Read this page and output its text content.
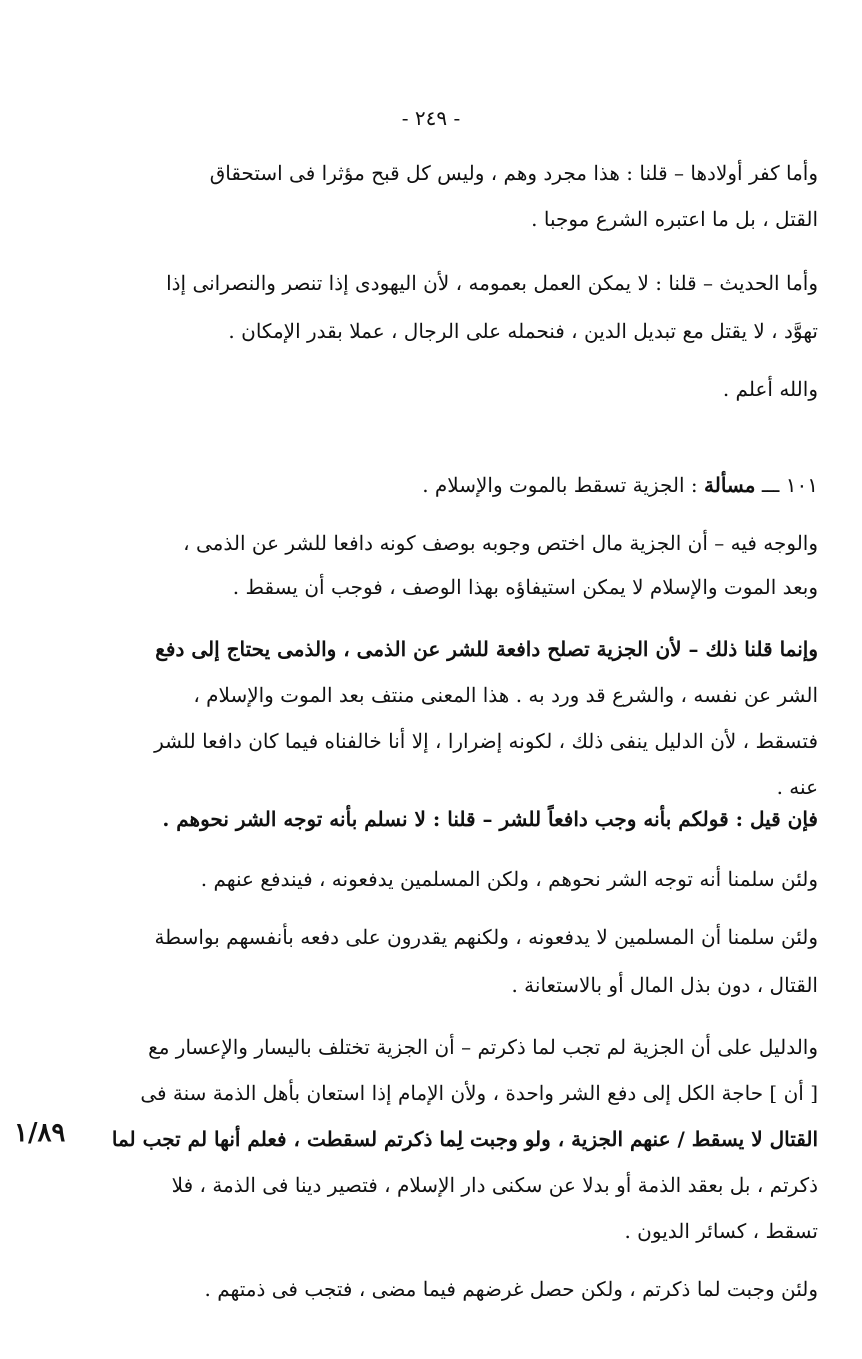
- ٢٤٩ -
١/٨٩
وأما كفر أولادها – قلنا : هذا مجرد وهم ، وليس كل قبح مؤثرا فى استحقاق
القتل ، بل ما اعتبره الشرع موجبا .
وأما الحديث – قلنا : لا يمكن العمل بعمومه ، لأن اليهودى إذا تنصر والنصرانى إذا
تهوَّد ، لا يقتل مع تبديل الدين ، فنحمله على الرجال ، عملا بقدر الإمكان .
والله أعلم .
١٠١ ـــ مسألة : الجزية تسقط بالموت والإسلام .
والوجه فيه – أن الجزية مال اختص وجوبه بوصف كونه دافعا للشر عن الذمى ،
وبعد الموت والإسلام لا يمكن استيفاؤه بهذا الوصف ، فوجب أن يسقط .
وإنما قلنا ذلك – لأن الجزية تصلح دافعة للشر عن الذمى ، والذمى يحتاج إلى دفع
الشر عن نفسه ، والشرع قد ورد به . هذا المعنى منتف بعد الموت والإسلام ،
فتسقط ، لأن الدليل ينفى ذلك ، لكونه إضرارا ، إلا أنا خالفناه فيما كان دافعا للشر
عنه .
فإن قيل : قولكم بأنه وجب دافعاً للشر – قلنا : لا نسلم بأنه توجه الشر نحوهم .
ولئن سلمنا أنه توجه الشر نحوهم ، ولكن المسلمين يدفعونه ، فيندفع عنهم .
ولئن سلمنا أن المسلمين لا يدفعونه ، ولكنهم يقدرون على دفعه بأنفسهم بواسطة
القتال ، دون بذل المال أو بالاستعانة .
والدليل على أن الجزية لم تجب لما ذكرتم – أن الجزية تختلف باليسار والإعسار مع
[ أن ] حاجة الكل إلى دفع الشر واحدة ، ولأن الإمام إذا استعان بأهل الذمة سنة فى
القتال لا يسقط / عنهم الجزية ، ولو وجبت لِما ذكرتم لسقطت ، فعلم أنها لم تجب لما
ذكرتم ، بل بعقد الذمة أو بدلا عن سكنى دار الإسلام ، فتصير دينا فى الذمة ، فلا
تسقط ، كسائر الديون .
ولئن وجبت لما ذكرتم ، ولكن حصل غرضهم فيما مضى ، فتجب فى ذمتهم .
